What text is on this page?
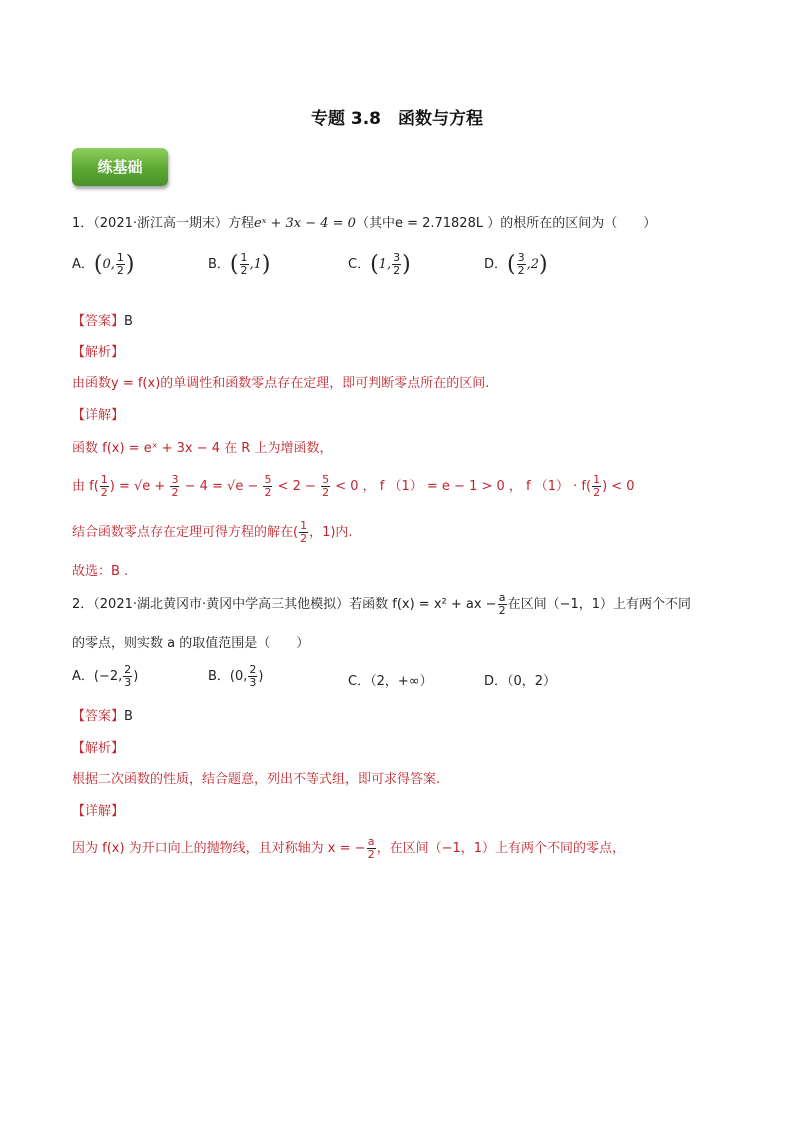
专题 3.8　函数与方程
练基础
1．（2021·浙江高一期末）方程eˣ + 3x − 4 = 0（其中e = 2.71828L ）的根所在的区间为（　　）
A．(0, $\frac{1}{2}$ )	B．( $\frac{1}{2} ,1$)	C．(1, $\frac{3}{2}$ )	D．( $\frac{3}{2} ,2$)
【答案】B
【解析】
由函数y = f(x)的单调性和函数零点存在定理，即可判断零点所在的区间.
【详解】
函数 f(x) = eˣ + 3x − 4 在 R 上为增函数，
由 $f( \frac{1}{2}$ ) = $√e + \frac{3}{2} - 4 = √e - \frac{5}{2} < 2 - \frac{5}{2} < 0$ ， f （1） = e − 1 > 0 ， f $(1) \cdot f( \frac{1}{2}$ ) < 0
结合函数零点存在定理可得方程的解在( $\frac{1}{2}$ ，1)内.
故选：B .
2．（2021·湖北黄冈市·黄冈中学高三其他模拟）若函数 f(x) = x² + ax − $\frac{a}{2}$ 在区间（−1，1）上有两个不同
的零点，则实数 a 的取值范围是（　　）
A．(−2, $\frac{2}{3}$ )	B．(0, $\frac{2}{3}$ )	C．（2，+∞）	D．（0，2）
【答案】B
【解析】
根据二次函数的性质，结合题意，列出不等式组，即可求得答案.
【详解】
因为 f(x) 为开口向上的抛物线，且对称轴为 x = − $\frac{a}{2}$ ，在区间（−1，1）上有两个不同的零点，
